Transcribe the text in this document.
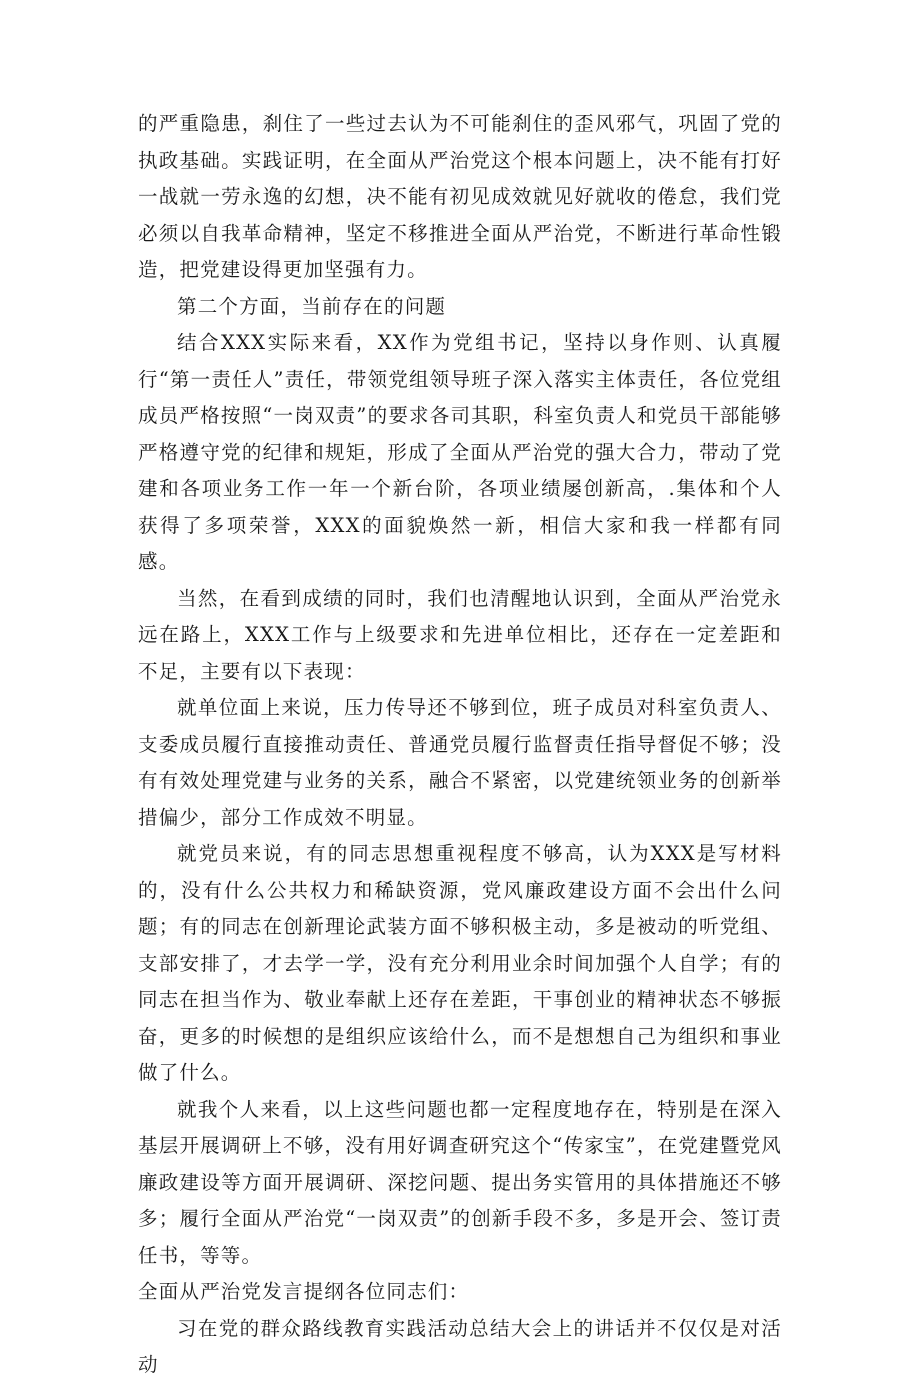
的严重隐患，刹住了一些过去认为不可能刹住的歪风邪气，巩固了党的执政基础。实践证明，在全面从严治党这个根本问题上，决不能有打好一战就一劳永逸的幻想，决不能有初见成效就见好就收的倦怠，我们党必须以自我革命精神，坚定不移推进全面从严治党，不断进行革命性锻造，把党建设得更加坚强有力。

第二个方面，当前存在的问题

结合XXX实际来看，XX作为党组书记，坚持以身作则、认真履行“第一责任人”责任，带领党组领导班子深入落实主体责任，各位党组成员严格按照“一岗双责”的要求各司其职，科室负责人和党员干部能够严格遵守党的纪律和规矩，形成了全面从严治党的强大合力，带动了党建和各项业务工作一年一个新台阶，各项业绩屡创新高，.集体和个人获得了多项荣誉，XXX的面貌焕然一新，相信大家和我一样都有同感。

当然，在看到成绩的同时，我们也清醒地认识到，全面从严治党永远在路上，XXX工作与上级要求和先进单位相比，还存在一定差距和不足，主要有以下表现：

就单位面上来说，压力传导还不够到位，班子成员对科室负责人、支委成员履行直接推动责任、普通党员履行监督责任指导督促不够；没有有效处理党建与业务的关系，融合不紧密，以党建统领业务的创新举措偏少，部分工作成效不明显。

就党员来说，有的同志思想重视程度不够高，认为XXX是写材料的，没有什么公共权力和稀缺资源，党风廉政建设方面不会出什么问题；有的同志在创新理论武装方面不够积极主动，多是被动的听党组、支部安排了，才去学一学，没有充分利用业余时间加强个人自学；有的同志在担当作为、敬业奉献上还存在差距，干事创业的精神状态不够振奋，更多的时候想的是组织应该给什么，而不是想想自己为组织和事业做了什么。

就我个人来看，以上这些问题也都一定程度地存在，特别是在深入基层开展调研上不够，没有用好调查研究这个“传家宝”，在党建暨党风廉政建设等方面开展调研、深挖问题、提出务实管用的具体措施还不够多；履行全面从严治党“一岗双责”的创新手段不多，多是开会、签订责任书，等等。

全面从严治党发言提纲各位同志们：

习在党的群众路线教育实践活动总结大会上的讲话并不仅仅是对活动
